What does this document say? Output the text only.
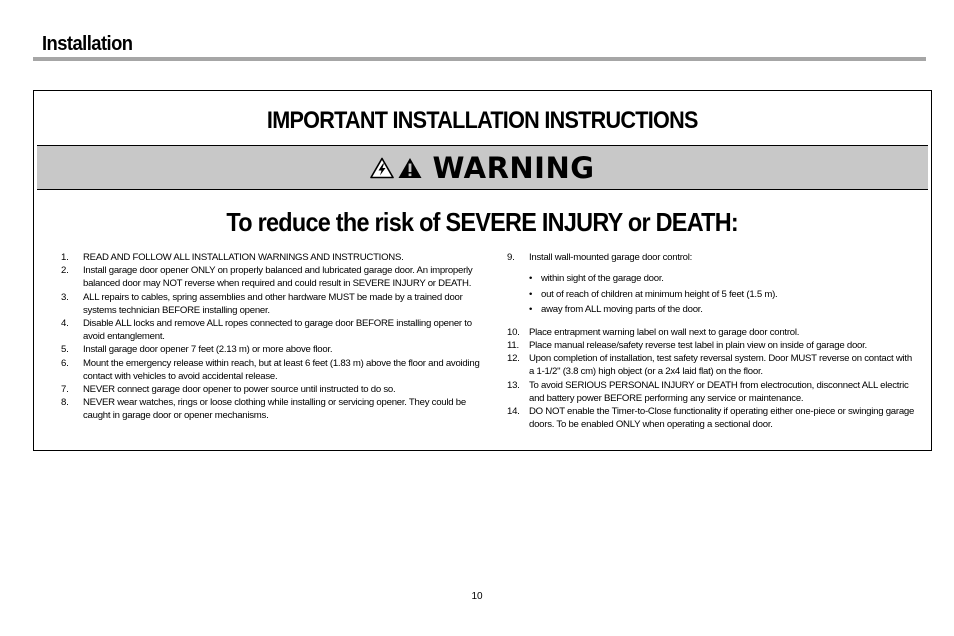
Installation
IMPORTANT INSTALLATION INSTRUCTIONS
WARNING
To reduce the risk of SEVERE INJURY or DEATH:
1.	READ AND FOLLOW ALL INSTALLATION WARNINGS AND INSTRUCTIONS.
2.	Install garage door opener ONLY on properly balanced and lubricated garage door. An improperly balanced door may NOT reverse when required and could result in SEVERE INJURY or DEATH.
3.	ALL repairs to cables, spring assemblies and other hardware MUST be made by a trained door systems technician BEFORE installing opener.
4.	Disable ALL locks and remove ALL ropes connected to garage door BEFORE installing opener to avoid entanglement.
5.	Install garage door opener 7 feet (2.13 m) or more above floor.
6.	Mount the emergency release within reach, but at least 6 feet (1.83 m) above the floor and avoiding contact with vehicles to avoid accidental release.
7.	NEVER connect garage door opener to power source until instructed to do so.
8.	NEVER wear watches, rings or loose clothing while installing or servicing opener. They could be caught in garage door or opener mechanisms.
9.	Install wall-mounted garage door control:
• within sight of the garage door.
• out of reach of children at minimum height of 5 feet (1.5 m).
• away from ALL moving parts of the door.
10. Place entrapment warning label on wall next to garage door control.
11.	Place manual release/safety reverse test label in plain view on inside of garage door.
12. Upon completion of installation, test safety reversal system. Door MUST reverse on contact with a 1-1/2" (3.8 cm) high object (or a 2x4 laid flat) on the floor.
13. To avoid SERIOUS PERSONAL INJURY or DEATH from electrocution, disconnect ALL electric and battery power BEFORE performing any service or maintenance.
14. DO NOT enable the Timer-to-Close functionality if operating either one-piece or swinging garage doors. To be enabled ONLY when operating a sectional door.
10
